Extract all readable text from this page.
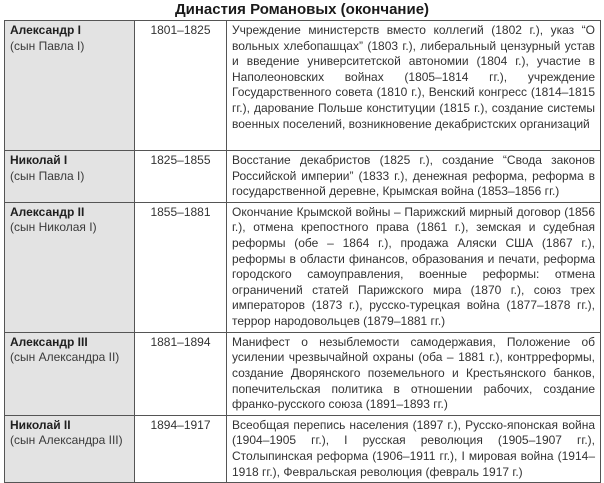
Династия Романовых (окончание)
Александр I
(сын Павла I)	1801–1825	Учреждение министерств вместо коллегий (1802 г.), указ “О вольных хлебопашцах” (1803 г.), либеральный цензурный устав и введение университетской автономии (1804 г.), участие в Наполеоновских войнах (1805–1814 гг.), учреждение Государственного совета (1810 г.), Венский конгресс (1814–1815 гг.), дарование Польше конституции (1815 г.), создание системы военных поселений, возникновение декабристских организаций

Николай I
(сын Павла I)	1825–1855	Восстание декабристов (1825 г.), создание “Свода законов Российской империи” (1833 г.), денежная реформа, реформа в государственной деревне, Крымская война (1853–1856 гг.)

Александр II
(сын Николая I)	1855–1881	Окончание Крымской войны – Парижский мирный договор (1856 г.), отмена крепостного права (1861 г.), земская и судебная реформы (обе – 1864 г.), продажа Аляски США (1867 г.), реформы в области финансов, образования и печати, реформа городского самоуправления, военные реформы: отмена ограничений статей Парижского мира (1870 г.), союз трех императоров (1873 г.), русско-турецкая война (1877–1878 гг.), террор народовольцев (1879–1881 гг.)

Александр III
(сын Александра II)	1881–1894	Манифест о незыблемости самодержавия, Положение об усилении чрезвычайной охраны (оба – 1881 г.), контрреформы, создание Дворянского поземельного и Крестьянского банков, попечительская политика в отношении рабочих, создание франко-русского союза (1891–1893 гг.)

Николай II
(сын Александра III)	1894–1917	Всеобщая перепись населения (1897 г.), Русско-японская война (1904–1905 гг.), I русская революция (1905–1907 гг.), Столыпинская реформа (1906–1911 гг.), I мировая война (1914–1918 гг.), Февральская революция (февраль 1917 г.)
